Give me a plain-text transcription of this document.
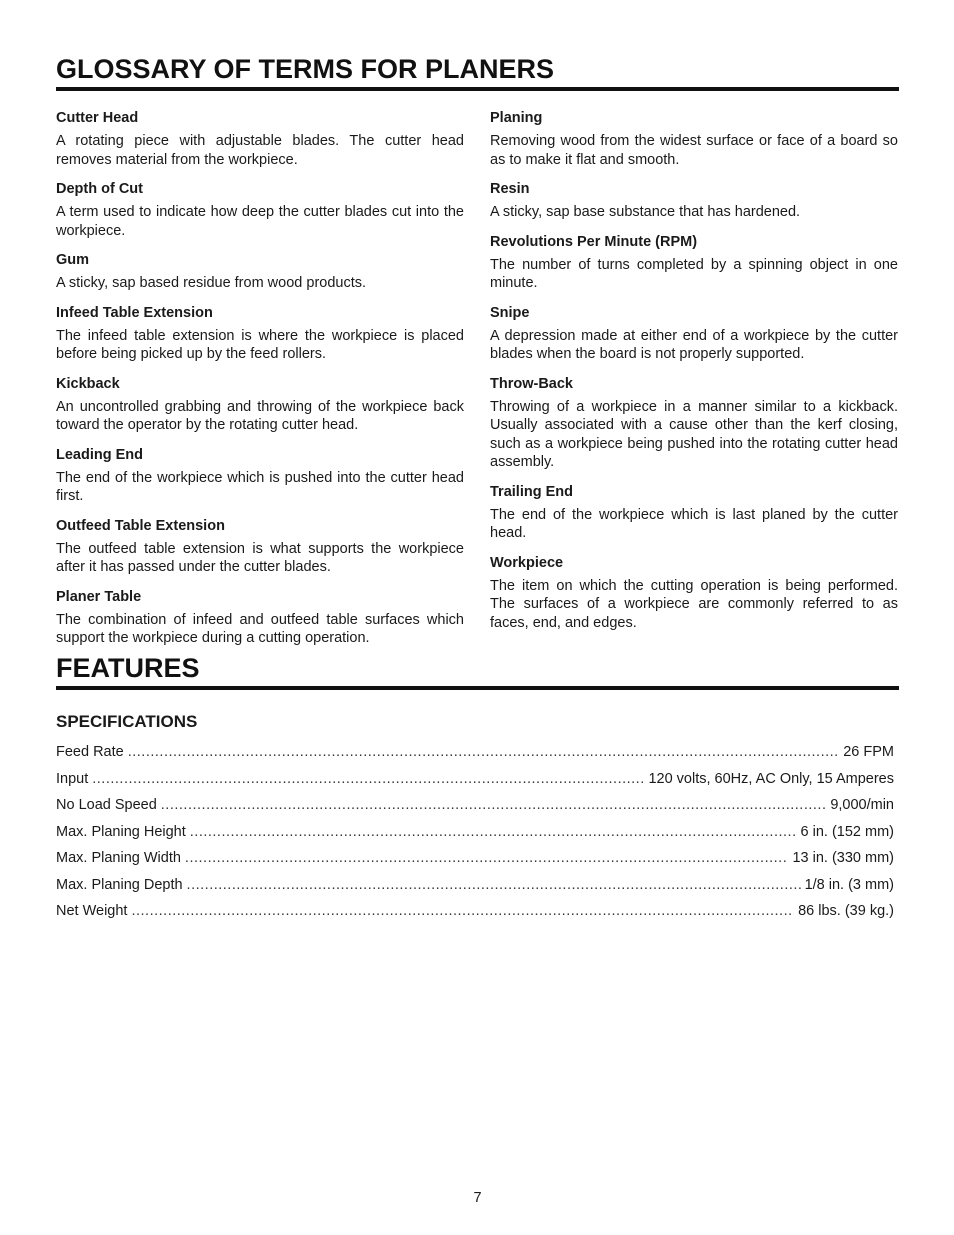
GLOSSARY OF TERMS FOR PLANERS
Cutter Head

A rotating piece with adjustable blades. The cutter head removes material from the workpiece.

Depth of Cut

A term used to indicate how deep the cutter blades cut into the workpiece.

Gum

A sticky, sap based residue from wood products.

Infeed Table Extension

The infeed table extension is where the workpiece is placed before being picked up by the feed rollers.

Kickback

An uncontrolled grabbing and throwing of the workpiece back toward the operator by the rotating cutter head.

Leading End

The end of the workpiece which is pushed into the cutter head first.

Outfeed Table Extension

The outfeed table extension is what supports the workpiece after it has passed under the cutter blades.

Planer Table

The combination of infeed and outfeed table surfaces which support the workpiece during a cutting operation.

Planing

Removing wood from the widest surface or face of a board so as to make it flat and smooth.

Resin

A sticky, sap base substance that has hardened.

Revolutions Per Minute (RPM)

The number of turns completed by a spinning object in one minute.

Snipe

A depression made at either end of a workpiece by the cutter blades when the board is not properly supported.

Throw-Back

Throwing of a workpiece in a manner similar to a kickback. Usually associated with a cause other than the kerf closing, such as a workpiece being pushed into the rotating cutter head assembly.

Trailing End

The end of the workpiece which is last planed by the cutter head.

Workpiece

The item on which the cutting operation is being performed. The surfaces of a workpiece are commonly referred to as faces, end, and edges.

FEATURES
SPECIFICATIONS
Feed Rate .....	26 FPM
Input .....	120 volts, 60Hz, AC Only, 15 Amperes
No Load Speed .....	9,000/min
Max. Planing Height .....	6 in. (152 mm)
Max. Planing Width .....	13 in. (330 mm)
Max. Planing Depth .....	1/8 in. (3 mm)
Net Weight .....	86 lbs. (39 kg.)
7
